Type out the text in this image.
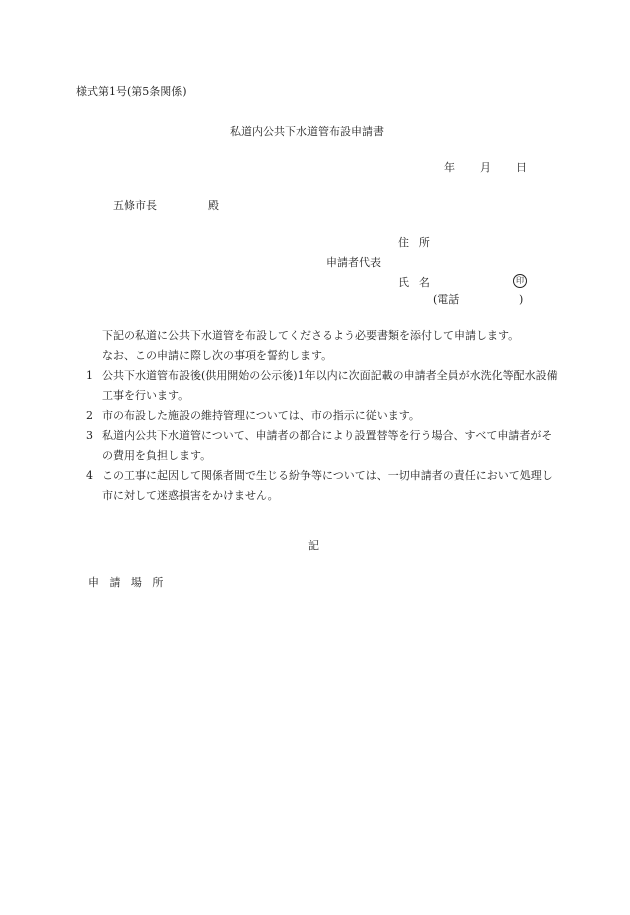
様式第1号(第5条関係)
私道内公共下水道管布設申請書
年 月 日
五條市長	殿
住所
申請者代表
氏名	印
(電話	)
下記の私道に公共下水道管を布設してくださるよう必要書類を添付して申請します。
なお、この申請に際し次の事項を誓約します。
1 公共下水道管布設後(供用開始の公示後)1年以内に次面記載の申請者全員が水洗化等配水設備工事を行います。
2 市の布設した施設の維持管理については、市の指示に従います。
3 私道内公共下水道管について、申請者の都合により設置替等を行う場合、すべて申請者がその費用を負担します。
4 この工事に起因して関係者間で生じる紛争等については、一切申請者の責任において処理し市に対して迷惑損害をかけません。
記
申請場所
